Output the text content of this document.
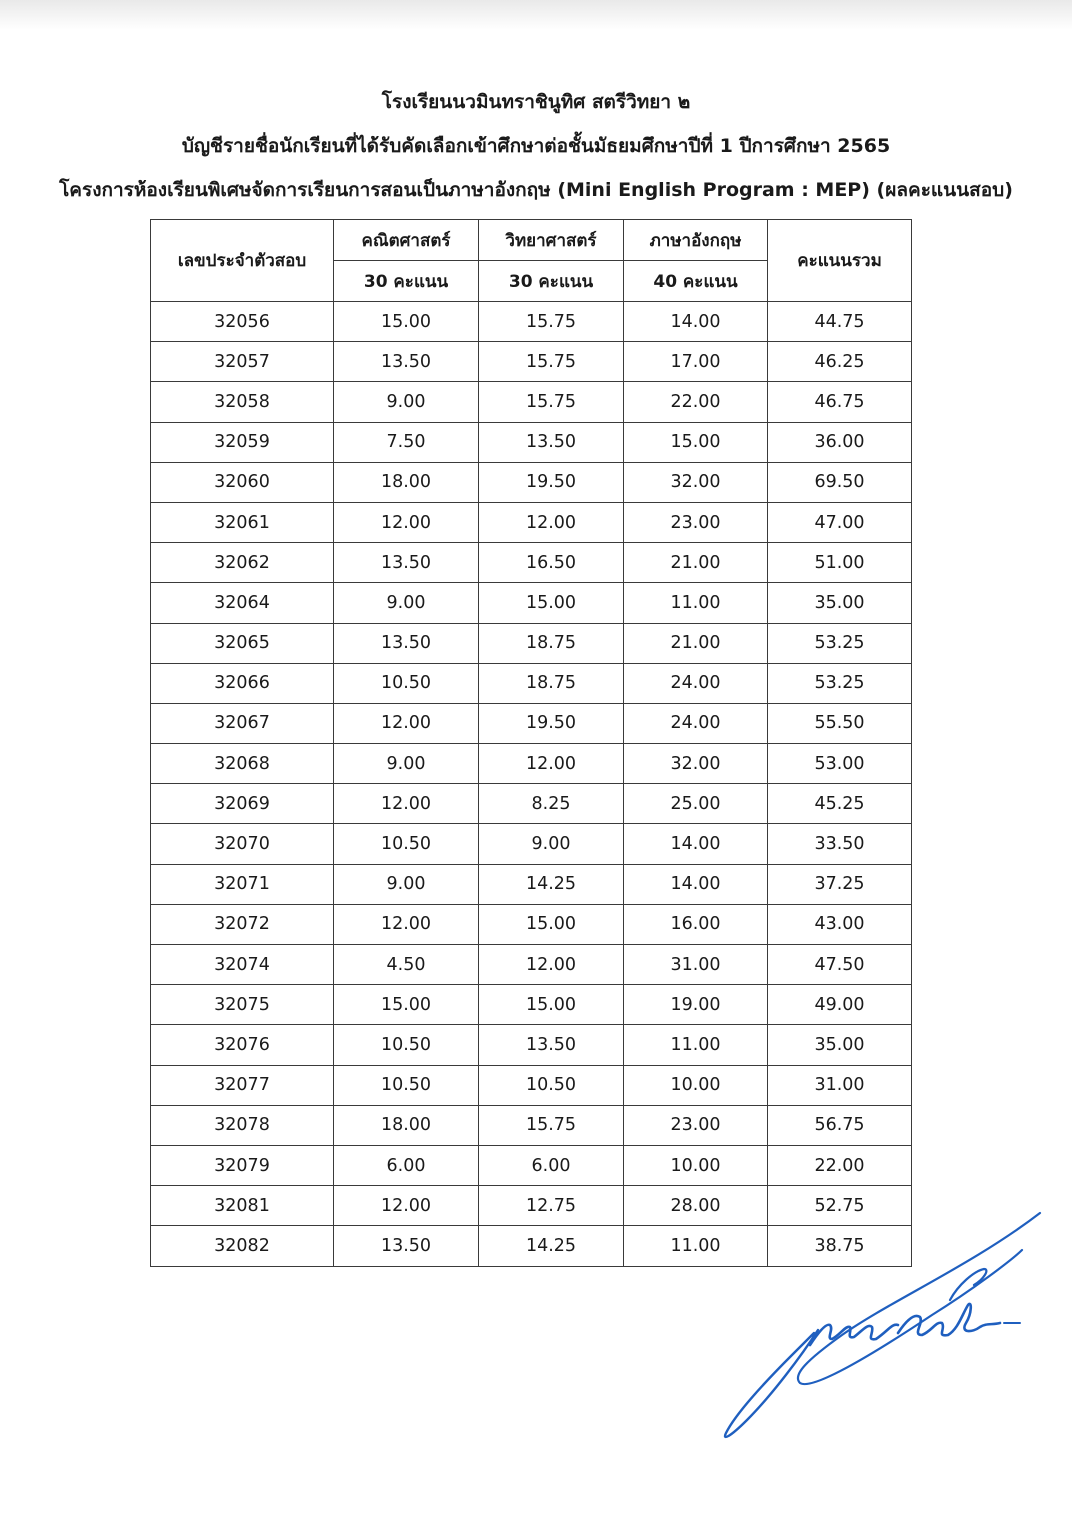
โรงเรียนนวมินทราชินูทิศ สตรีวิทยา ๒
บัญชีรายชื่อนักเรียนที่ได้รับคัดเลือกเข้าศึกษาต่อชั้นมัธยมศึกษาปีที่ 1 ปีการศึกษา 2565
โครงการห้องเรียนพิเศษจัดการเรียนการสอนเป็นภาษาอังกฤษ (Mini English Program : MEP) (ผลคะแนนสอบ)
เลขประจำตัวสอบ	คณิตศาสตร์	วิทยาศาสตร์	ภาษาอังกฤษ	คะแนนรวม
	30 คะแนน	30 คะแนน	40 คะแนน	
32056	15.00	15.75	14.00	44.75
32057	13.50	15.75	17.00	46.25
32058	9.00	15.75	22.00	46.75
32059	7.50	13.50	15.00	36.00
32060	18.00	19.50	32.00	69.50
32061	12.00	12.00	23.00	47.00
32062	13.50	16.50	21.00	51.00
32064	9.00	15.00	11.00	35.00
32065	13.50	18.75	21.00	53.25
32066	10.50	18.75	24.00	53.25
32067	12.00	19.50	24.00	55.50
32068	9.00	12.00	32.00	53.00
32069	12.00	8.25	25.00	45.25
32070	10.50	9.00	14.00	33.50
32071	9.00	14.25	14.00	37.25
32072	12.00	15.00	16.00	43.00
32074	4.50	12.00	31.00	47.50
32075	15.00	15.00	19.00	49.00
32076	10.50	13.50	11.00	35.00
32077	10.50	10.50	10.00	31.00
32078	18.00	15.75	23.00	56.75
32079	6.00	6.00	10.00	22.00
32081	12.00	12.75	28.00	52.75
32082	13.50	14.25	11.00	38.75
